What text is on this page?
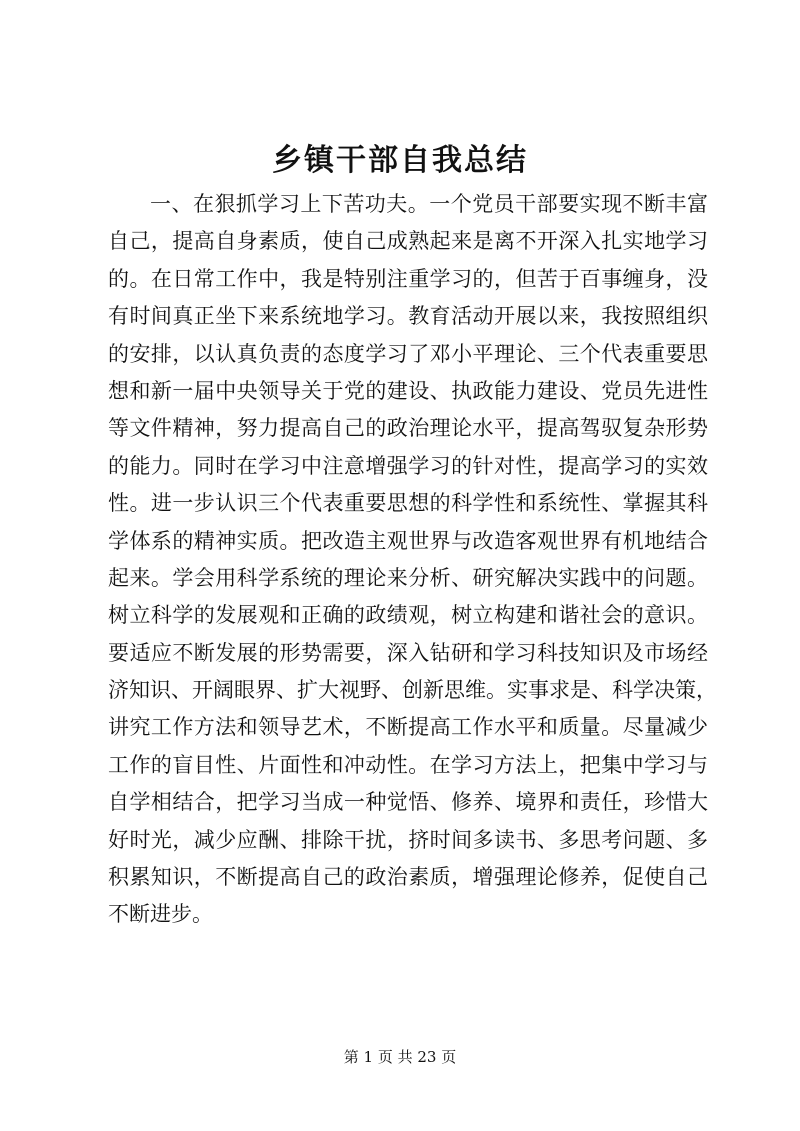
乡镇干部自我总结
一、在狠抓学习上下苦功夫。一个党员干部要实现不断丰富
自己，提高自身素质，使自己成熟起来是离不开深入扎实地学习
的。在日常工作中，我是特别注重学习的，但苦于百事缠身，没
有时间真正坐下来系统地学习。教育活动开展以来，我按照组织
的安排，以认真负责的态度学习了邓小平理论、三个代表重要思
想和新一届中央领导关于党的建设、执政能力建设、党员先进性
等文件精神，努力提高自己的政治理论水平，提高驾驭复杂形势
的能力。同时在学习中注意增强学习的针对性，提高学习的实效
性。进一步认识三个代表重要思想的科学性和系统性、掌握其科
学体系的精神实质。把改造主观世界与改造客观世界有机地结合
起来。学会用科学系统的理论来分析、研究解决实践中的问题。
树立科学的发展观和正确的政绩观，树立构建和谐社会的意识。
要适应不断发展的形势需要，深入钻研和学习科技知识及市场经
济知识、开阔眼界、扩大视野、创新思维。实事求是、科学决策，
讲究工作方法和领导艺术，不断提高工作水平和质量。尽量减少
工作的盲目性、片面性和冲动性。在学习方法上，把集中学习与
自学相结合，把学习当成一种觉悟、修养、境界和责任，珍惜大
好时光，减少应酬、排除干扰，挤时间多读书、多思考问题、多
积累知识，不断提高自己的政治素质，增强理论修养，促使自己
不断进步。
第 1 页 共 23 页
